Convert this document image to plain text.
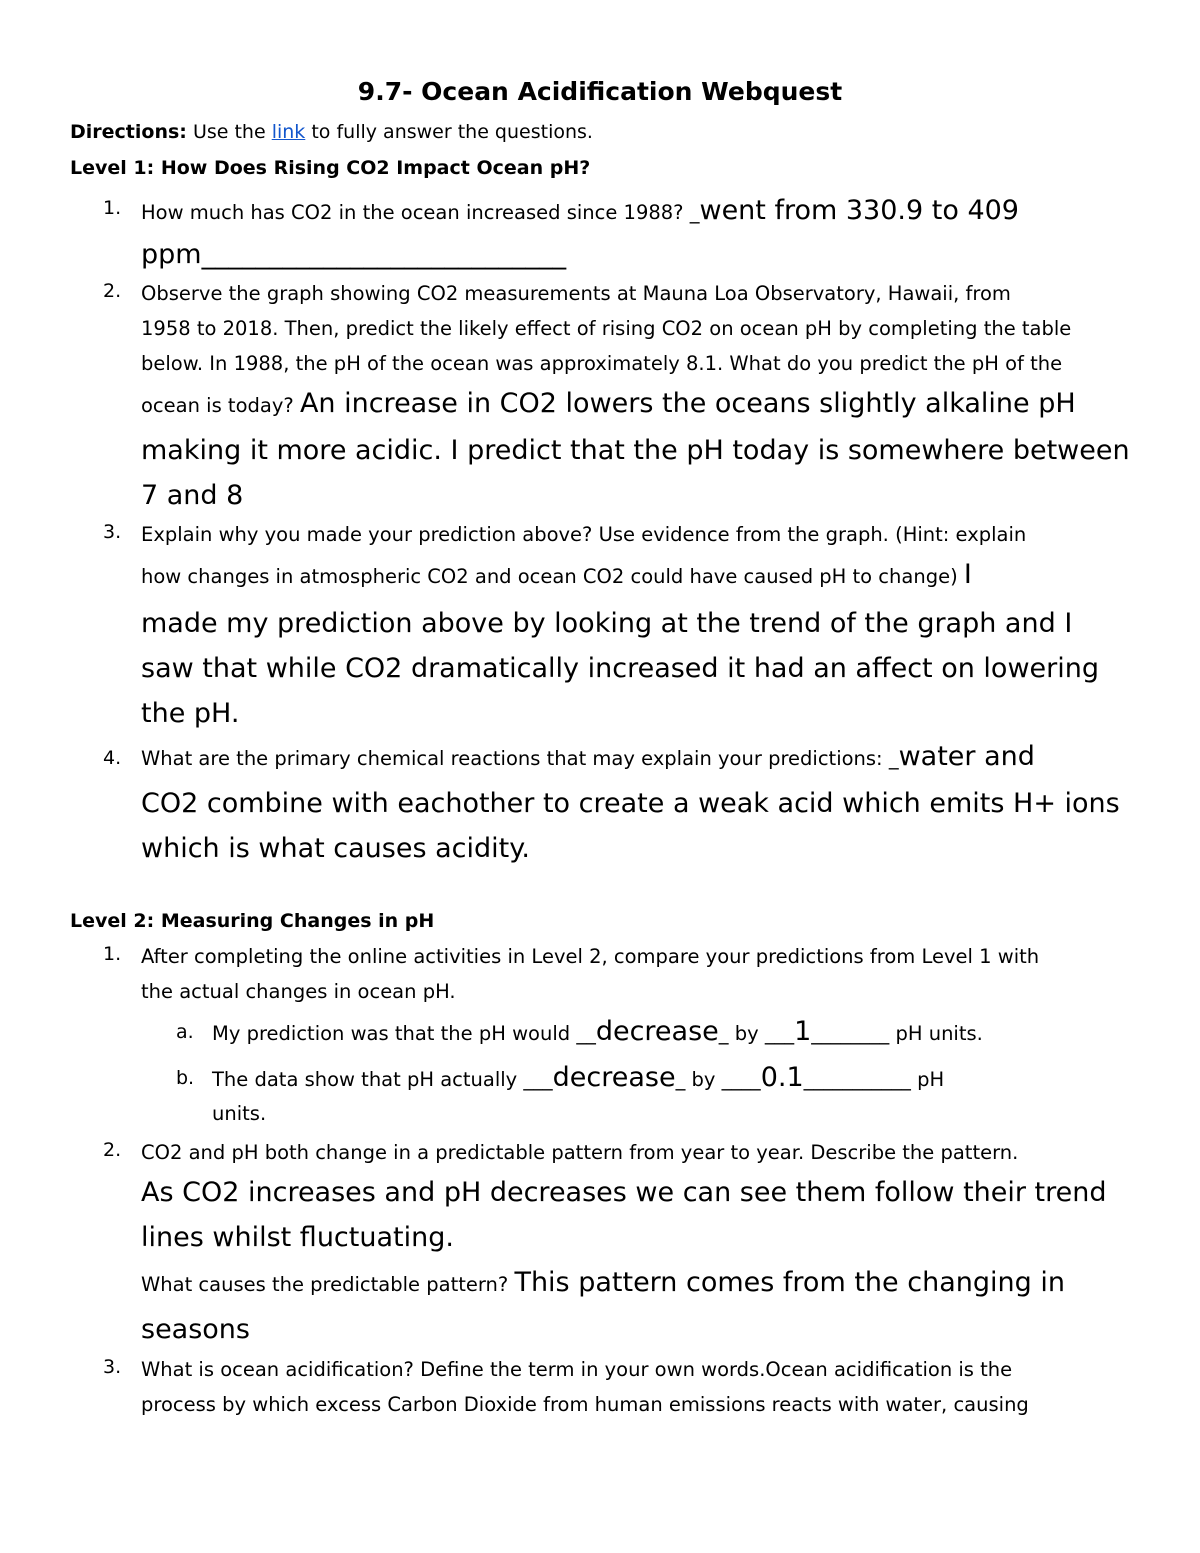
9.7- Ocean Acidification Webquest
Directions: Use the link to fully answer the questions.
Level 1: How Does Rising CO2 Impact Ocean pH?
1. How much has CO2 in the ocean increased since 1988? _went from 330.9 to 409
ppm___________________________
2. Observe the graph showing CO2 measurements at Mauna Loa Observatory, Hawaii, from
1958 to 2018. Then, predict the likely effect of rising CO2 on ocean pH by completing the table
below. In 1988, the pH of the ocean was approximately 8.1. What do you predict the pH of the
ocean is today? An increase in CO2 lowers the oceans slightly alkaline pH
making it more acidic. I predict that the pH today is somewhere between
7 and 8
3. Explain why you made your prediction above? Use evidence from the graph. (Hint: explain
how changes in atmospheric CO2 and ocean CO2 could have caused pH to change) I
made my prediction above by looking at the trend of the graph and I
saw that while CO2 dramatically increased it had an affect on lowering
the pH.
4. What are the primary chemical reactions that may explain your predictions: _water and
CO2 combine with eachother to create a weak acid which emits H+ ions
which is what causes acidity.
Level 2: Measuring Changes in pH
1. After completing the online activities in Level 2, compare your predictions from Level 1 with
the actual changes in ocean pH.
a. My prediction was that the pH would __decrease_ by ___1________ pH units.
b. The data show that pH actually ___decrease_ by ____0.1___________ pH
units.
2. CO2 and pH both change in a predictable pattern from year to year. Describe the pattern.
As CO2 increases and pH decreases we can see them follow their trend
lines whilst fluctuating.
What causes the predictable pattern? This pattern comes from the changing in
seasons
3. What is ocean acidification? Define the term in your own words.Ocean acidification is the
process by which excess Carbon Dioxide from human emissions reacts with water, causing
